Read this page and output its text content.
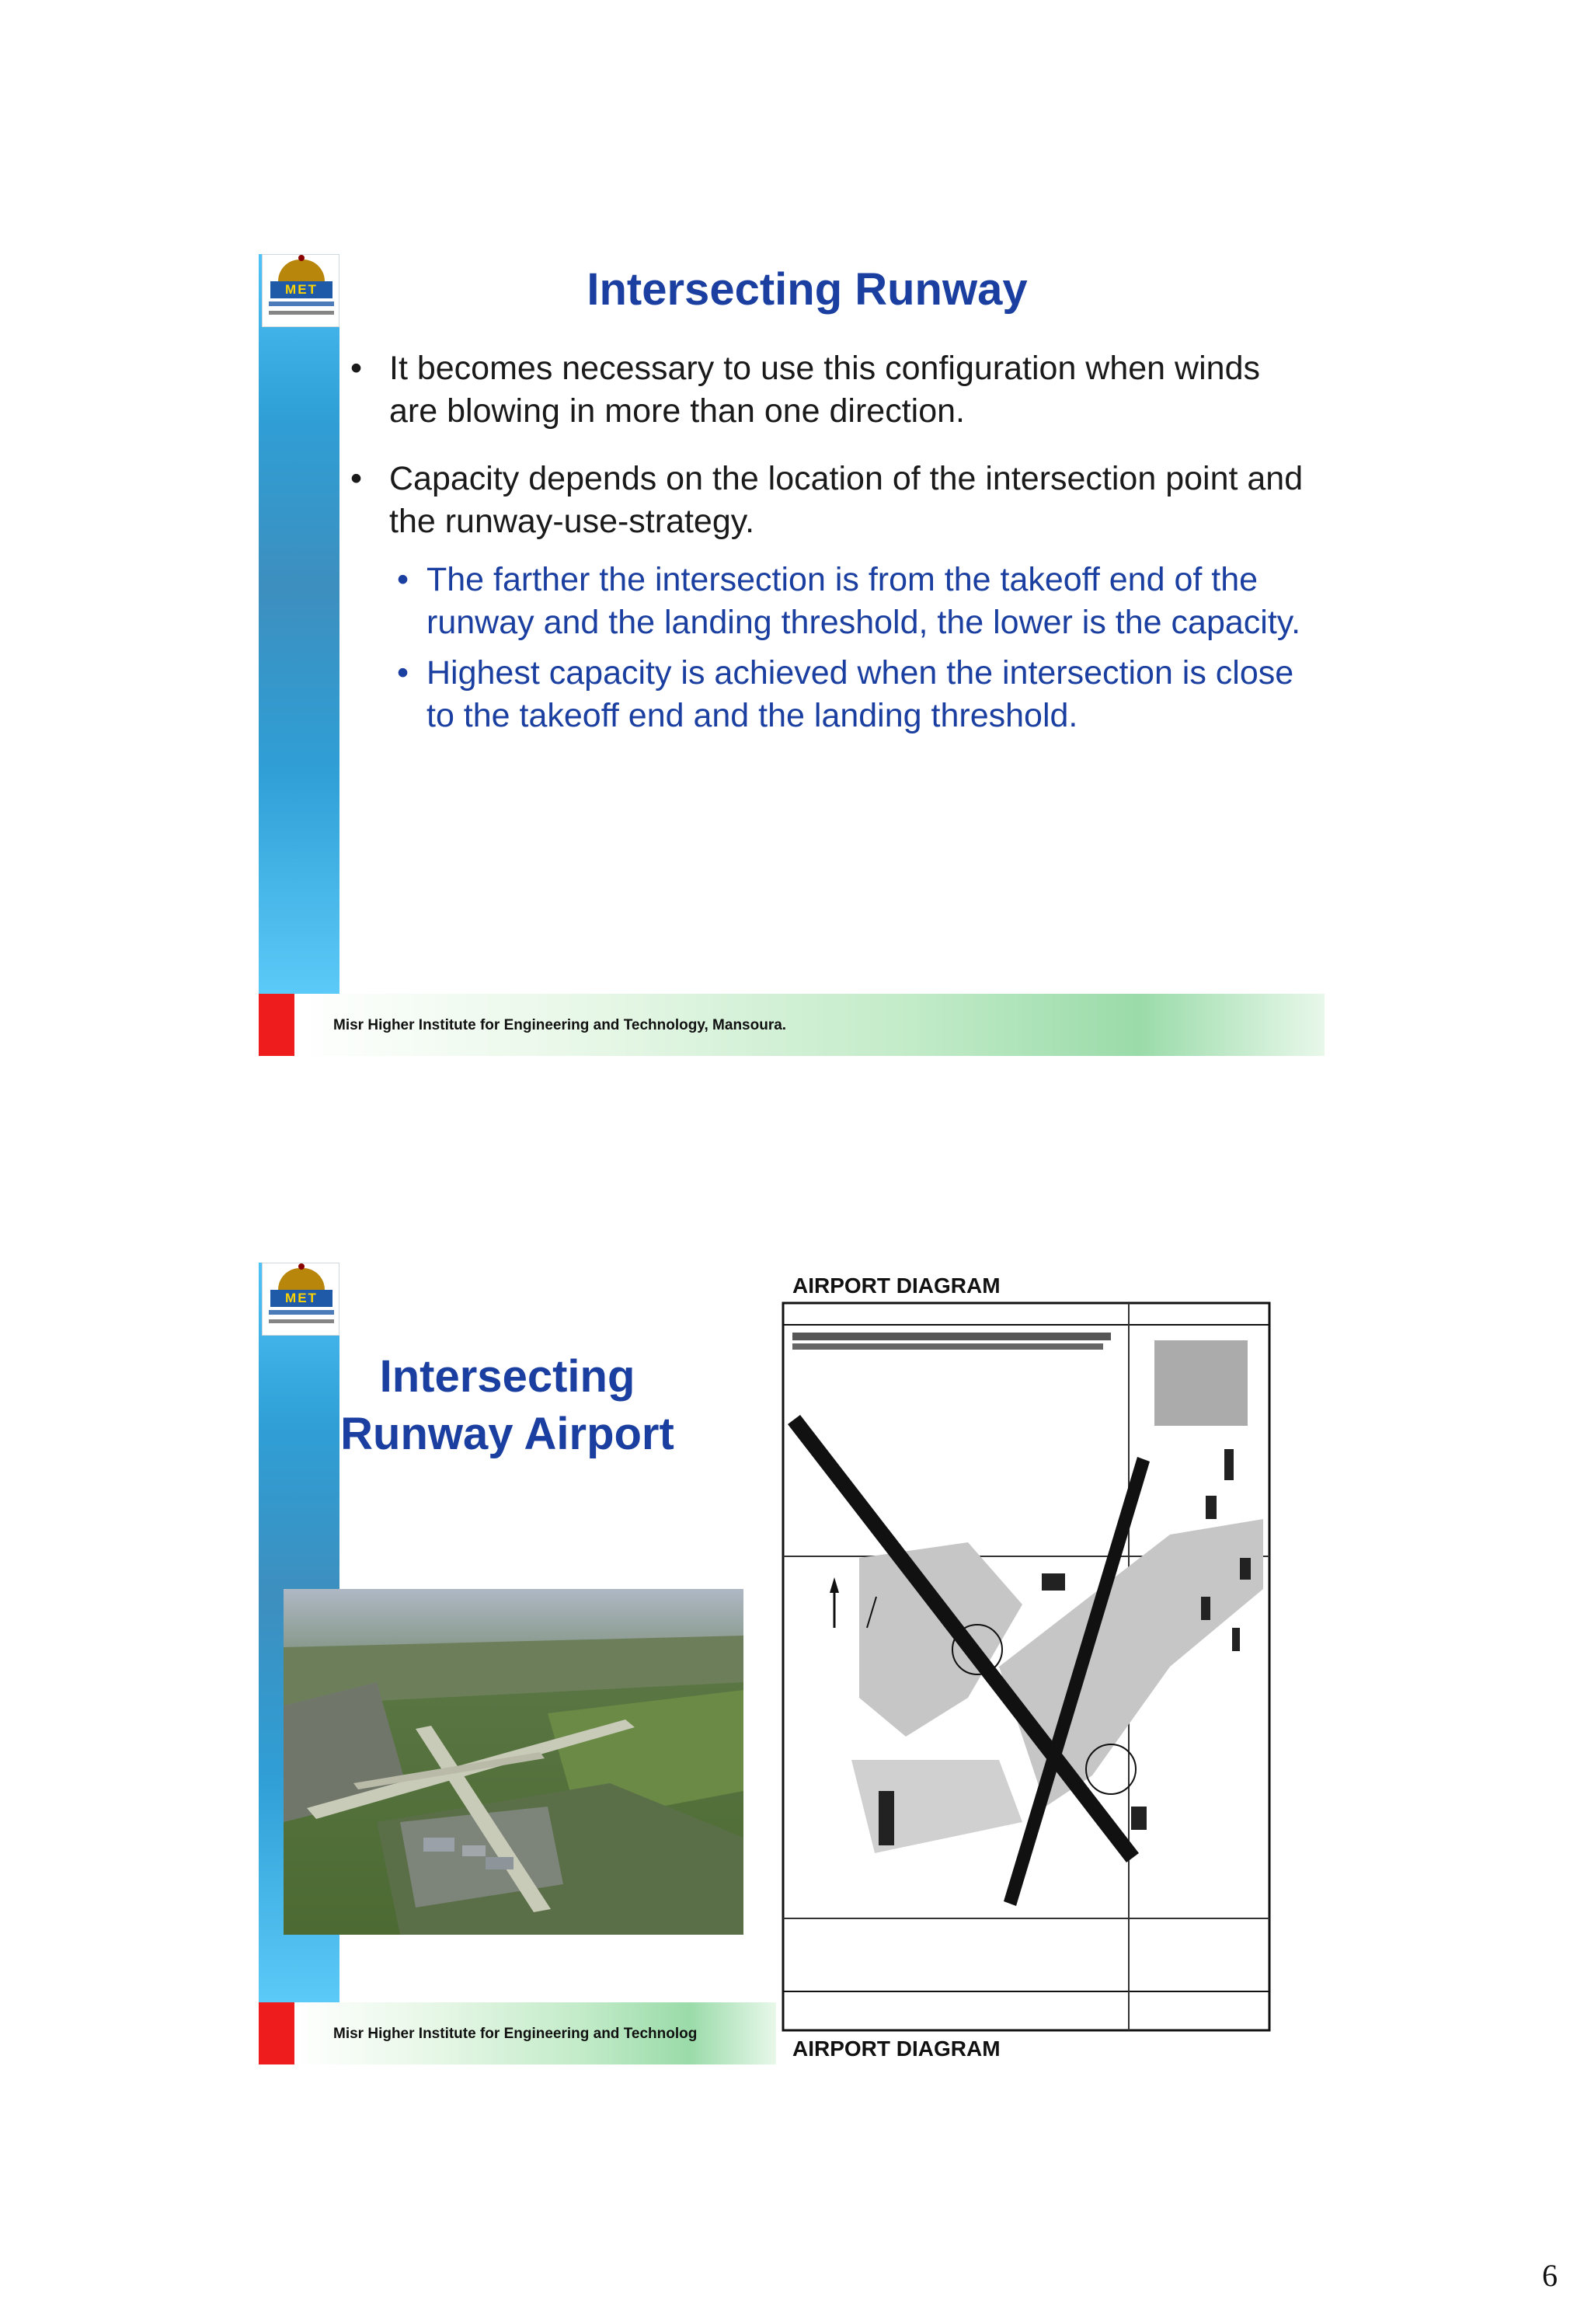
MET	Intersecting Runway
• It becomes necessary to use this configuration when winds are blowing in more than one direction.
• Capacity depends on the location of the intersection point and the runway-use-strategy.
• The farther the intersection is from the takeoff end of the runway and the landing threshold, the lower is the capacity.
• Highest capacity is achieved when the intersection is close to the takeoff end and the landing threshold.
Misr Higher Institute for Engineering and Technology, Mansoura.
MET
Intersecting
Runway Airport
AIRPORT DIAGRAM
AIRPORT DIAGRAM
Misr Higher Institute for Engineering and Technolog
6
